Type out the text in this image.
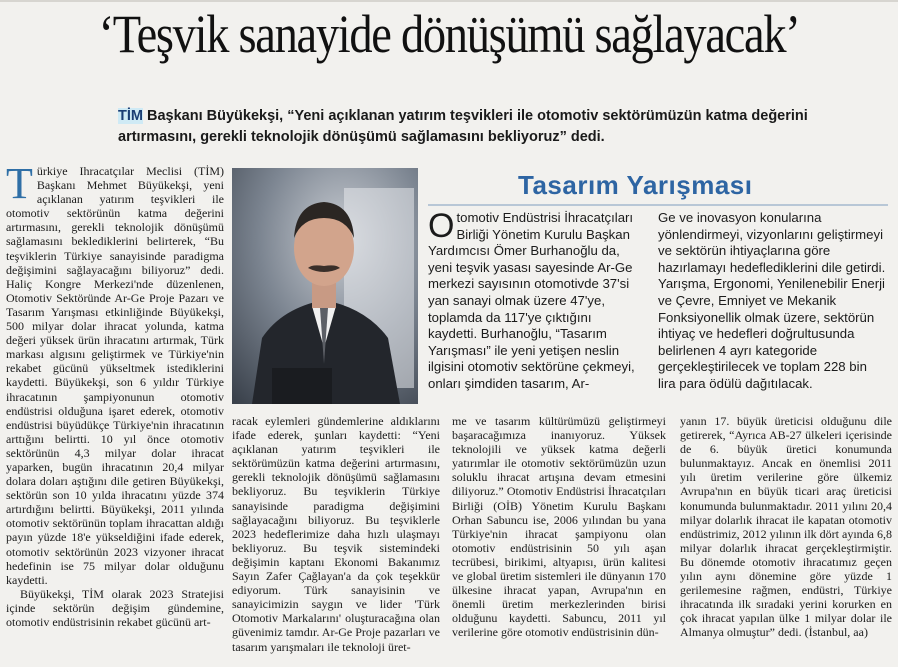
‘Teşvik sanayide dönüşümü sağlayacak’
TİM Başkanı Büyükekşi, “Yeni açıklanan yatırım teşvikleri ile otomotiv sektörümüzün katma değerini artırmasını, gerekli teknolojik dönüşümü sağlamasını bekliyoruz” dedi.
T ürkiye Ihracatçılar Meclisi (TİM) Başkanı Mehmet Büyükekşi, yeni açıklanan yatırım teşvikleri ile otomotiv sektörünün katma değerini artırmasını, gerekli teknolojik dönüşümü sağlamasını beklediklerini belirterek, “Bu teşviklerin Türkiye sanayisinde paradigma değişimini sağlayacağını biliyoruz” dedi. Haliç Kongre Merkezi'nde düzenlenen, Otomotiv Sektöründe Ar-Ge Proje Pazarı ve Tasarım Yarışması etkinliğinde Büyükekşi, 500 milyar dolar ihracat yolunda, katma değeri yüksek ürün ihracatını artırmak, Türk markası algısını geliştirmek ve Türkiye'nin rekabet gücünü yükseltmek istediklerini kaydetti. Büyükekşi, son 6 yıldır Türkiye ihracatının şampiyonunun otomotiv endüstrisi olduğuna işaret ederek, otomotiv endüstrisi büyüdükçe Türkiye'nin ihracatının arttığını belirtti. 10 yıl önce otomotiv sektörünün 4,3 milyar dolar ihracat yaparken, bugün ihracatının 20,4 milyar dolara doları aştığını dile getiren Büyükekşi, sektörün son 10 yılda ihracatını yüzde 374 artırdığını belirtti. Büyükekşi, 2011 yılında otomotiv sektörünün toplam ihracattan aldığı payın yüzde 18'e yükseldiğini ifade ederek, otomotiv sektörünün 2023 vizyoner ihracat hedefinin ise 75 milyar dolar olduğunu kaydetti.

Büyükekşi, TİM olarak 2023 Stratejisi içinde sektörün değişim gündemine, otomotiv endüstrisinin rekabet gücünü art-

Tasarım Yarışması
O tomotiv Endüstrisi İhracatçıları Birliği Yönetim Kurulu Başkan Yardımcısı Ömer Burhanoğlu da, yeni teşvik yasası sayesinde Ar-Ge merkezi sayısının otomotivde 37'si yan sanayi olmak üzere 47'ye, toplamda da 117'ye çıktığını kaydetti. Burhanoğlu, “Tasarım Yarışması” ile yeni yetişen neslin ilgisini otomotiv sektörüne çekmeyi, onları şimdiden tasarım, Ar-
Ge ve inovasyon konularına yönlendirmeyi, vizyonlarını geliştirmeyi ve sektörün ihtiyaçlarına göre hazırlamayı hedeflediklerini dile getirdi. Yarışma, Ergonomi, Yenilenebilir Enerji ve Çevre, Emniyet ve Mekanik Fonksiyonellik olmak üzere, sektörün ihtiyaç ve hedefleri doğrultusunda belirlenen 4 ayrı kategoride gerçekleştirilecek ve toplam 228 bin lira para ödülü dağıtılacak.
racak eylemleri gündemlerine aldıklarını ifade ederek, şunları kaydetti: “Yeni açıklanan yatırım teşvikleri ile sektörümüzün katma değerini artırmasını, gerekli teknolojik dönüşümü sağlamasını bekliyoruz. Bu teşviklerin Türkiye sanayisinde paradigma değişimini sağlayacağını biliyoruz. Bu teşviklerle 2023 hedeflerimize daha hızlı ulaşmayı bekliyoruz. Bu teşvik sistemindeki değişimin kaptanı Ekonomi Bakanımız Sayın Zafer Çağlayan'a da çok teşekkür ediyorum. Türk sanayisinin ve sanayicimizin saygın ve lider 'Türk Otomotiv Markalarını' oluşturacağına olan güvenimiz tamdır. Ar-Ge Proje pazarları ve tasarım yarışmaları ile teknoloji üret-
me ve tasarım kültürümüzü geliştirmeyi başaracağımıza inanıyoruz. Yüksek teknolojili ve yüksek katma değerli yatırımlar ile otomotiv sektörümüzün uzun soluklu ihracat artışına devam etmesini diliyoruz.” Otomotiv Endüstrisi İhracatçıları Birliği (OİB) Yönetim Kurulu Başkanı Orhan Sabuncu ise, 2006 yılından bu yana Türkiye'nin ihracat şampiyonu olan otomotiv endüstrisinin 50 yılı aşan tecrübesi, birikimi, altyapısı, ürün kalitesi ve global üretim sistemleri ile dünyanın 170 ülkesine ihracat yapan, Avrupa'nın en önemli üretim merkezlerinden birisi olduğunu kaydetti. Sabuncu, 2011 yıl verilerine göre otomotiv endüstrisinin dün-
yanın 17. büyük üreticisi olduğunu dile getirerek, “Ayrıca AB-27 ülkeleri içerisinde de 6. büyük üretici konumunda bulunmaktayız. Ancak en önemlisi 2011 yılı üretim verilerine göre ülkemiz Avrupa'nın en büyük ticari araç üreticisi konumunda bulunmaktadır. 2011 yılını 20,4 milyar dolarlık ihracat ile kapatan otomotiv endüstrimiz, 2012 yılının ilk dört ayında 6,8 milyar dolarlık ihracat gerçekleştirmiştir. Bu dönemde otomotiv ihracatımız geçen yılın aynı dönemine göre yüzde 1 gerilemesine rağmen, endüstri, Türkiye ihracatında ilk sıradaki yerini korurken en çok ihracat yapılan ülke 1 milyar dolar ile Almanya olmuştur” dedi. (İstanbul, aa)
